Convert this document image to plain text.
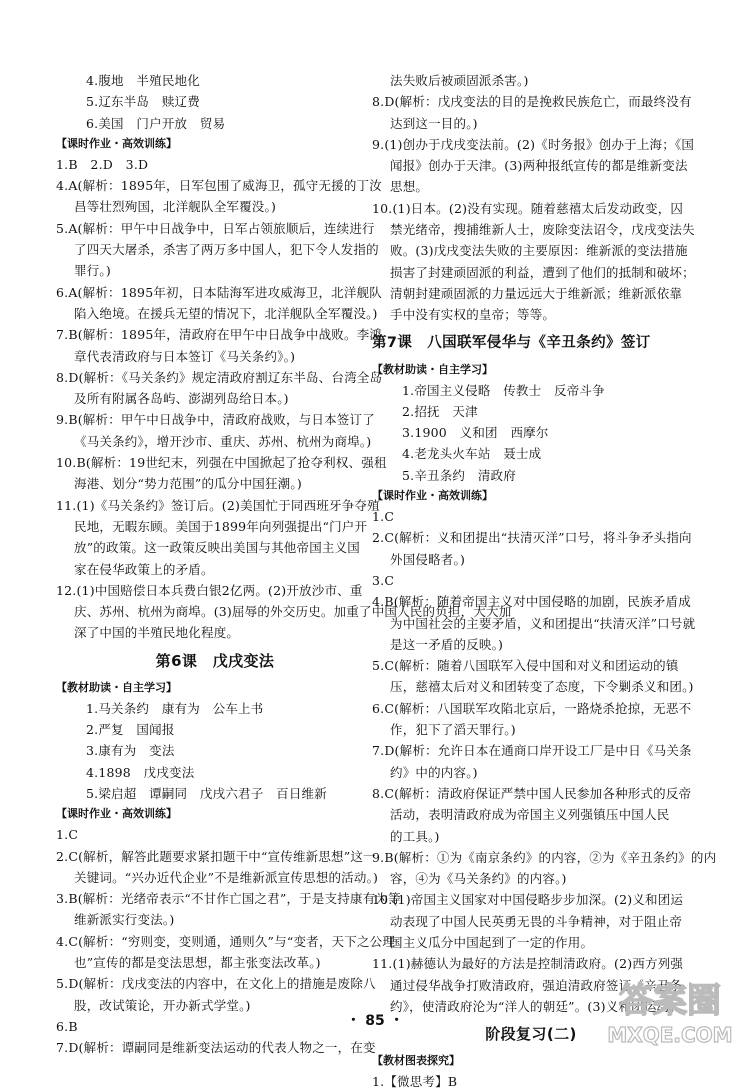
4.腹地　半殖民地化
5.辽东半岛　赎辽费
6.美国　门户开放　贸易
【课时作业・高效训练】
1.B　2.D　3.D
4.A(解析：1895年，日军包围了威海卫，孤守无援的丁汝
昌等壮烈殉国，北洋舰队全军覆没。)
5.A(解析：甲午中日战争中，日军占领旅顺后，连续进行
了四天大屠杀，杀害了两万多中国人，犯下令人发指的
罪行。)
6.A(解析：1895年初，日本陆海军进攻威海卫，北洋舰队
陷入绝境。在援兵无望的情况下，北洋舰队全军覆没。)
7.B(解析：1895年，清政府在甲午中日战争中战败。李鸿
章代表清政府与日本签订《马关条约》。)
8.D(解析：《马关条约》规定清政府割辽东半岛、台湾全岛
及所有附属各岛屿、澎湖列岛给日本。)
9.B(解析：甲午中日战争中，清政府战败，与日本签订了
《马关条约》，增开沙市、重庆、苏州、杭州为商埠。)
10.B(解析：19世纪末，列强在中国掀起了抢夺利权、强租
海港、划分“势力范围”的瓜分中国狂潮。)
11.(1)《马关条约》签订后。(2)美国忙于同西班牙争夺殖
民地，无暇东顾。美国于1899年向列强提出“门户开
放”的政策。这一政策反映出美国与其他帝国主义国
家在侵华政策上的矛盾。
12.(1)中国赔偿日本兵费白银2亿两。(2)开放沙市、重
庆、苏州、杭州为商埠。(3)屈辱的外交历史。加重了中国人民的负担，大大加
深了中国的半殖民地化程度。
第6课　戊戌变法
【教材助读・自主学习】
1.马关条约　康有为　公车上书
2.严复　国闻报
3.康有为　变法
4.1898　戊戌变法
5.梁启超　谭嗣同　戊戌六君子　百日维新
【课时作业・高效训练】
1.C
2.C(解析，解答此题要求紧扣题干中“宣传维新思想”这一
关键词。“兴办近代企业”不是维新派宣传思想的活动。)
3.B(解析：光绪帝表示“不甘作亡国之君”，于是支持康有为等
维新派实行变法。)
4.C(解析：“穷则变，变则通，通则久”与“变者，天下之公理
也”宣传的都是变法思想，都主张变法改革。)
5.D(解析：戊戌变法的内容中，在文化上的措施是废除八
股，改试策论，开办新式学堂。)
6.B
7.D(解析：谭嗣同是维新变法运动的代表人物之一，在变
法失败后被顽固派杀害。)
8.D(解析：戊戌变法的目的是挽救民族危亡，而最终没有
达到这一目的。)
9.(1)创办于戊戌变法前。(2)《时务报》创办于上海；《国
闻报》创办于天津。(3)两种报纸宣传的都是维新变法
思想。
10.(1)日本。(2)没有实现。随着慈禧太后发动政变，囚
禁光绪帝，搜捕维新人士，废除变法诏令，戊戌变法失
败。(3)戊戌变法失败的主要原因：维新派的变法措施
损害了封建顽固派的利益，遭到了他们的抵制和破坏；
清朝封建顽固派的力量远远大于维新派；维新派依靠
手中没有实权的皇帝；等等。
第7课　八国联军侵华与《辛丑条约》签订
【教材助读・自主学习】
1.帝国主义侵略　传教士　反帝斗争
2.招抚　天津
3.1900　义和团　西摩尔
4.老龙头火车站　聂士成
5.辛丑条约　清政府
【课时作业・高效训练】
1.C
2.C(解析：义和团提出“扶清灭洋”口号，将斗争矛头指向
外国侵略者。)
3.C
4.B(解析：随着帝国主义对中国侵略的加剧，民族矛盾成
为中国社会的主要矛盾，义和团提出“扶清灭洋”口号就
是这一矛盾的反映。)
5.C(解析：随着八国联军入侵中国和对义和团运动的镇
压，慈禧太后对义和团转变了态度，下令剿杀义和团。)
6.C(解析：八国联军攻陷北京后，一路烧杀抢掠，无恶不
作，犯下了滔天罪行。)
7.D(解析：允许日本在通商口岸开设工厂是中日《马关条
约》中的内容。)
8.C(解析：清政府保证严禁中国人民参加各种形式的反帝
活动，表明清政府成为帝国主义列强镇压中国人民
的工具。)
9.B(解析：①为《南京条约》的内容，②为《辛丑条约》的内
容，④为《马关条约》的内容。)
10.(1)帝国主义国家对中国侵略步步加深。(2)义和团运
动表现了中国人民英勇无畏的斗争精神，对于阻止帝
国主义瓜分中国起到了一定的作用。
11.(1)赫德认为最好的方法是控制清政府。(2)西方列强
通过侵华战争打败清政府，强迫清政府签订《辛丑条
约》，使清政府沦为“洋人的朝廷”。(3)义和团运动。
阶段复习(二)
【教材图表探究】
1.【微思考】B
・ 85 ・	答案圈
MXQE.COM
